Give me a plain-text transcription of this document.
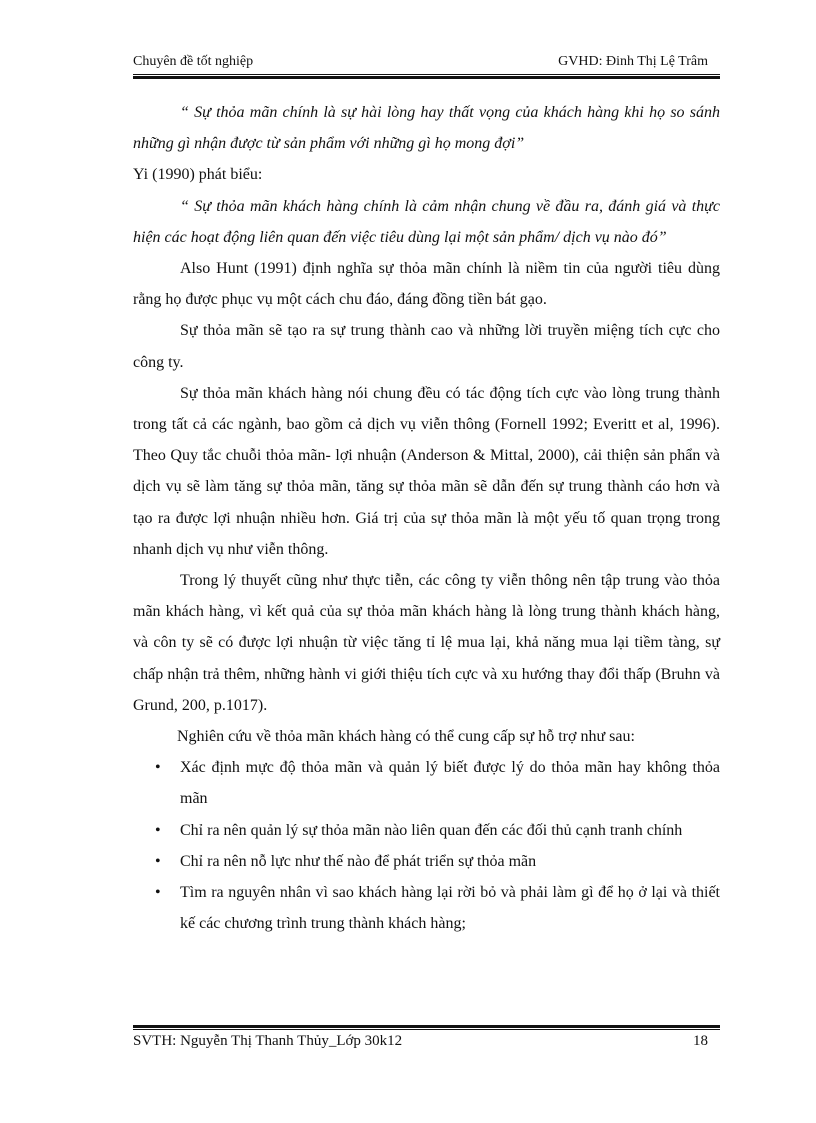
Chuyên đề tốt nghiệp	GVHD: Đinh Thị Lệ Trâm

“ Sự thỏa mãn chính là sự hài lòng hay thất vọng của khách hàng khi họ so sánh những gì nhận được từ sản phẩm với những gì họ mong đợi”

Yi (1990) phát biểu:

“ Sự thỏa mãn khách hàng chính là cảm nhận chung về đầu ra, đánh giá và thực hiện các hoạt động liên quan đến việc tiêu dùng lại một sản phẩm/ dịch vụ nào đó”

Also Hunt (1991) định nghĩa sự thỏa mãn chính là niềm tin của người tiêu dùng rằng họ được phục vụ một cách chu đáo, đáng đồng tiền bát gạo.

Sự thỏa mãn sẽ tạo ra sự trung thành cao và những lời truyền miệng tích cực cho công ty.

Sự thỏa mãn khách hàng nói chung đều có tác động tích cực vào lòng trung thành trong tất cả các ngành, bao gồm cả dịch vụ viễn thông (Fornell 1992; Everitt et al, 1996). Theo Quy tắc chuỗi thỏa mãn- lợi nhuận (Anderson & Mittal, 2000), cải thiện sản phẩn và dịch vụ sẽ làm tăng sự thỏa mãn, tăng sự thỏa mãn sẽ dẫn đến sự trung thành cáo hơn và tạo ra được lợi nhuận nhiều hơn. Giá trị của sự thỏa mãn là một yếu tố quan trọng trong nhanh dịch vụ như viễn thông.

Trong lý thuyết cũng như thực tiễn, các công ty viễn thông nên tập trung vào thỏa mãn khách hàng, vì kết quả của sự thỏa mãn khách hàng là lòng trung thành khách hàng, và côn ty sẽ có được lợi nhuận từ việc tăng tỉ lệ mua lại, khả năng mua lại tiềm tàng, sự chấp nhận trả thêm, những hành vi giới thiệu tích cực và xu hướng thay đổi thấp (Bruhn và Grund, 200, p.1017).

Nghiên cứu về thỏa mãn khách hàng có thể cung cấp sự hỗ trợ như sau:

• Xác định mực độ thỏa mãn và quản lý biết được lý do thỏa mãn hay không thỏa mãn
• Chỉ ra nên quản lý sự thỏa mãn nào liên quan đến các đối thủ cạnh tranh chính
• Chỉ ra nên nỗ lực như thế nào để phát triển sự thỏa mãn
• Tìm ra nguyên nhân vì sao khách hàng lại rời bỏ và phải làm gì để họ ở lại và thiết kế các chương trình trung thành khách hàng;
SVTH: Nguyễn Thị Thanh Thủy_Lớp 30k12	18
